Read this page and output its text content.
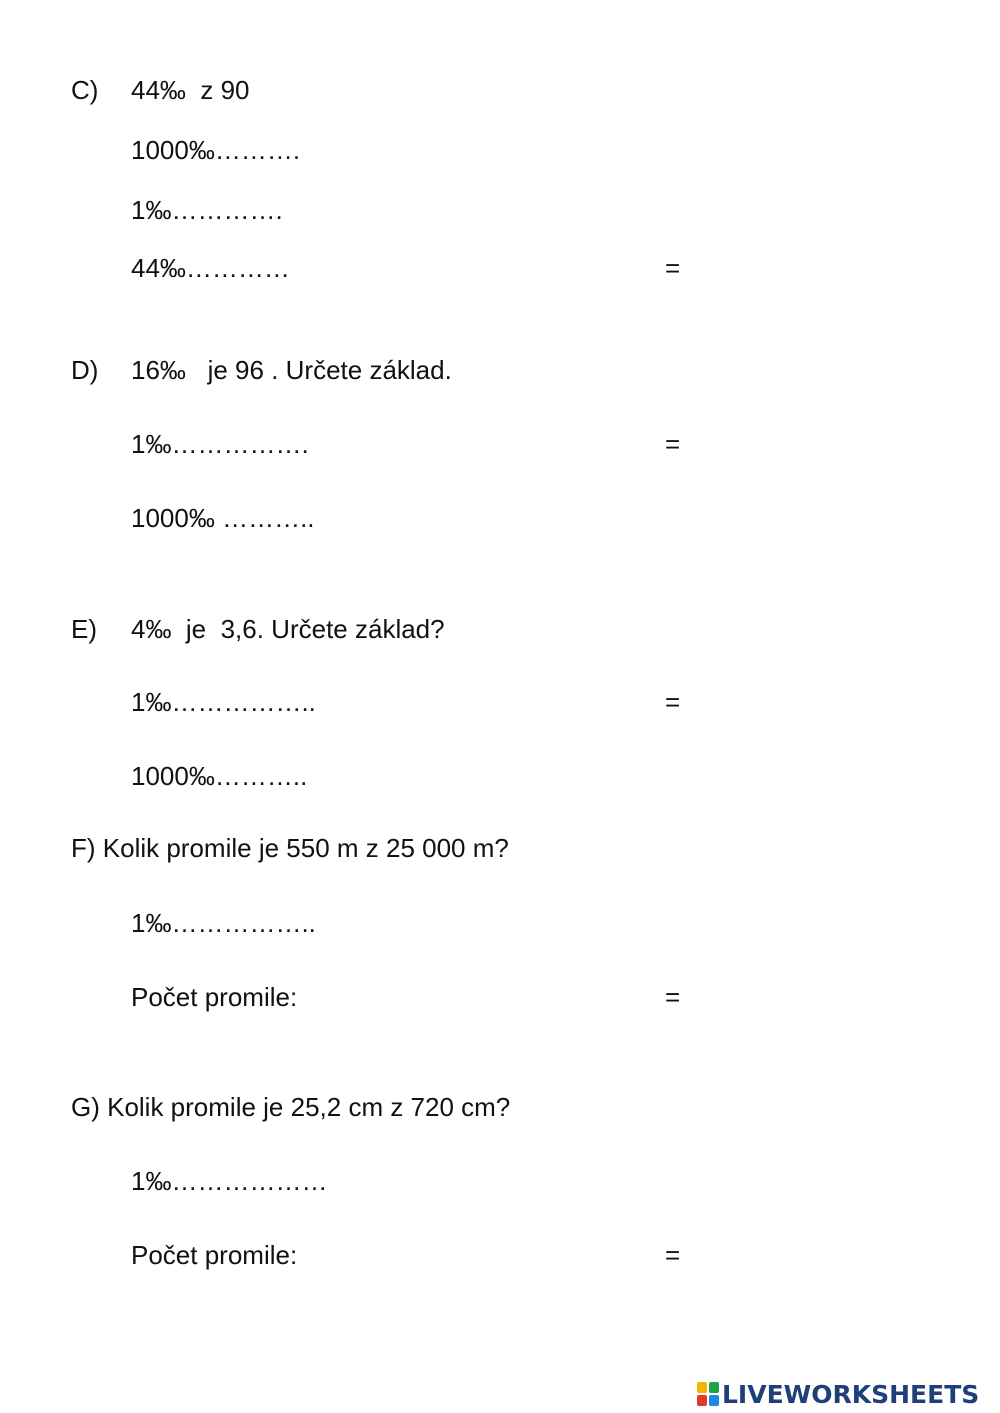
C) 44‰  z 90
1000‰……….
1‰………….
44‰…………	=
D) 16‰   je 96 . Určete základ.
1‰…………….	=
1000‰ ………..
E) 4‰  je  3,6. Určete základ?
1‰……………..	=
1000‰………..
F) Kolik promile je 550 m z 25 000 m?
1‰……………..
Počet promile:	=
G) Kolik promile je 25,2 cm z 720 cm?
1‰………………
Počet promile:	=
LIVEWORKSHEETS
